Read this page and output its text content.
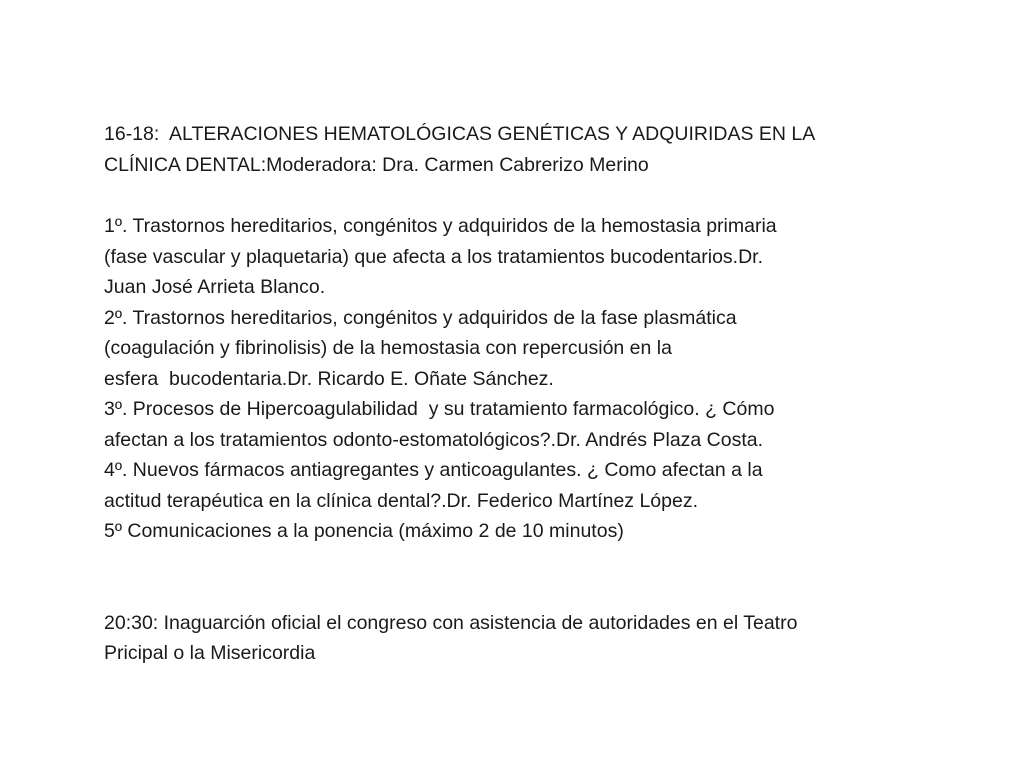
16-18:  ALTERACIONES HEMATOLÓGICAS GENÉTICAS Y ADQUIRIDAS EN LA
CLÍNICA DENTAL:Moderadora: Dra. Carmen Cabrerizo Merino
1º. Trastornos hereditarios, congénitos y adquiridos de la hemostasia primaria
(fase vascular y plaquetaria) que afecta a los tratamientos bucodentarios.Dr.
Juan José Arrieta Blanco.
2º. Trastornos hereditarios, congénitos y adquiridos de la fase plasmática
(coagulación y fibrinolisis) de la hemostasia con repercusión en la
esfera  bucodentaria.Dr. Ricardo E. Oñate Sánchez.
3º. Procesos de Hipercoagulabilidad  y su tratamiento farmacológico. ¿ Cómo
afectan a los tratamientos odonto-estomatológicos?.Dr. Andrés Plaza Costa.
4º. Nuevos fármacos antiagregantes y anticoagulantes. ¿ Como afectan a la
actitud terapéutica en la clínica dental?.Dr. Federico Martínez López.
5º Comunicaciones a la ponencia (máximo 2 de 10 minutos)
20:30: Inaguarción oficial el congreso con asistencia de autoridades en el Teatro
Pricipal o la Misericordia
